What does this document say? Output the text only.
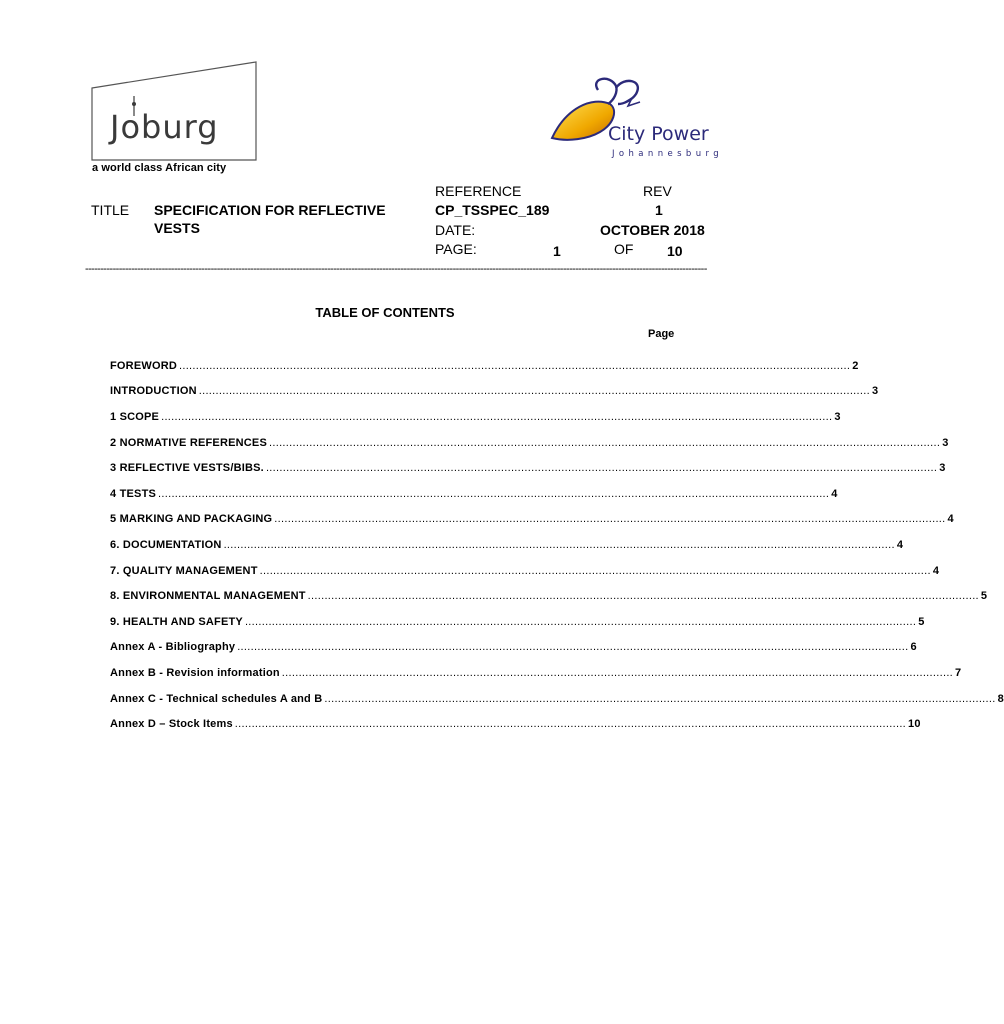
Joburg
a world class African city
City Power
Johannesburg
TITLE SPECIFICATION FOR REFLECTIVE
VESTS
REFERENCE
CP_TSSPEC_189
DATE:
PAGE:	1
REV
1
OCTOBER 2018
OF 10
-----------------------------------------------------------------------------------------------------------------------------------------------------------------------------------------------------------
TABLE OF CONTENTS
Page
FOREWORD ........................................................................................................................................................................................................ 2
INTRODUCTION ........................................................................................................................................................................................................ 3
1 SCOPE ........................................................................................................................................................................................................ 3
2 NORMATIVE REFERENCES ........................................................................................................................................................................................................ 3
3 REFLECTIVE VESTS/BIBS. ........................................................................................................................................................................................................ 3
4 TESTS ........................................................................................................................................................................................................ 4
5 MARKING AND PACKAGING ........................................................................................................................................................................................................ 4
6. DOCUMENTATION ........................................................................................................................................................................................................ 4
7. QUALITY MANAGEMENT ........................................................................................................................................................................................................ 4
8. ENVIRONMENTAL MANAGEMENT ........................................................................................................................................................................................................ 5
9. HEALTH AND SAFETY ........................................................................................................................................................................................................ 5
Annex A - Bibliography ........................................................................................................................................................................................................ 6
Annex B - Revision information ........................................................................................................................................................................................................ 7
Annex C - Technical schedules A and B ........................................................................................................................................................................................................ 8
Annex D – Stock Items ........................................................................................................................................................................................................ 10
